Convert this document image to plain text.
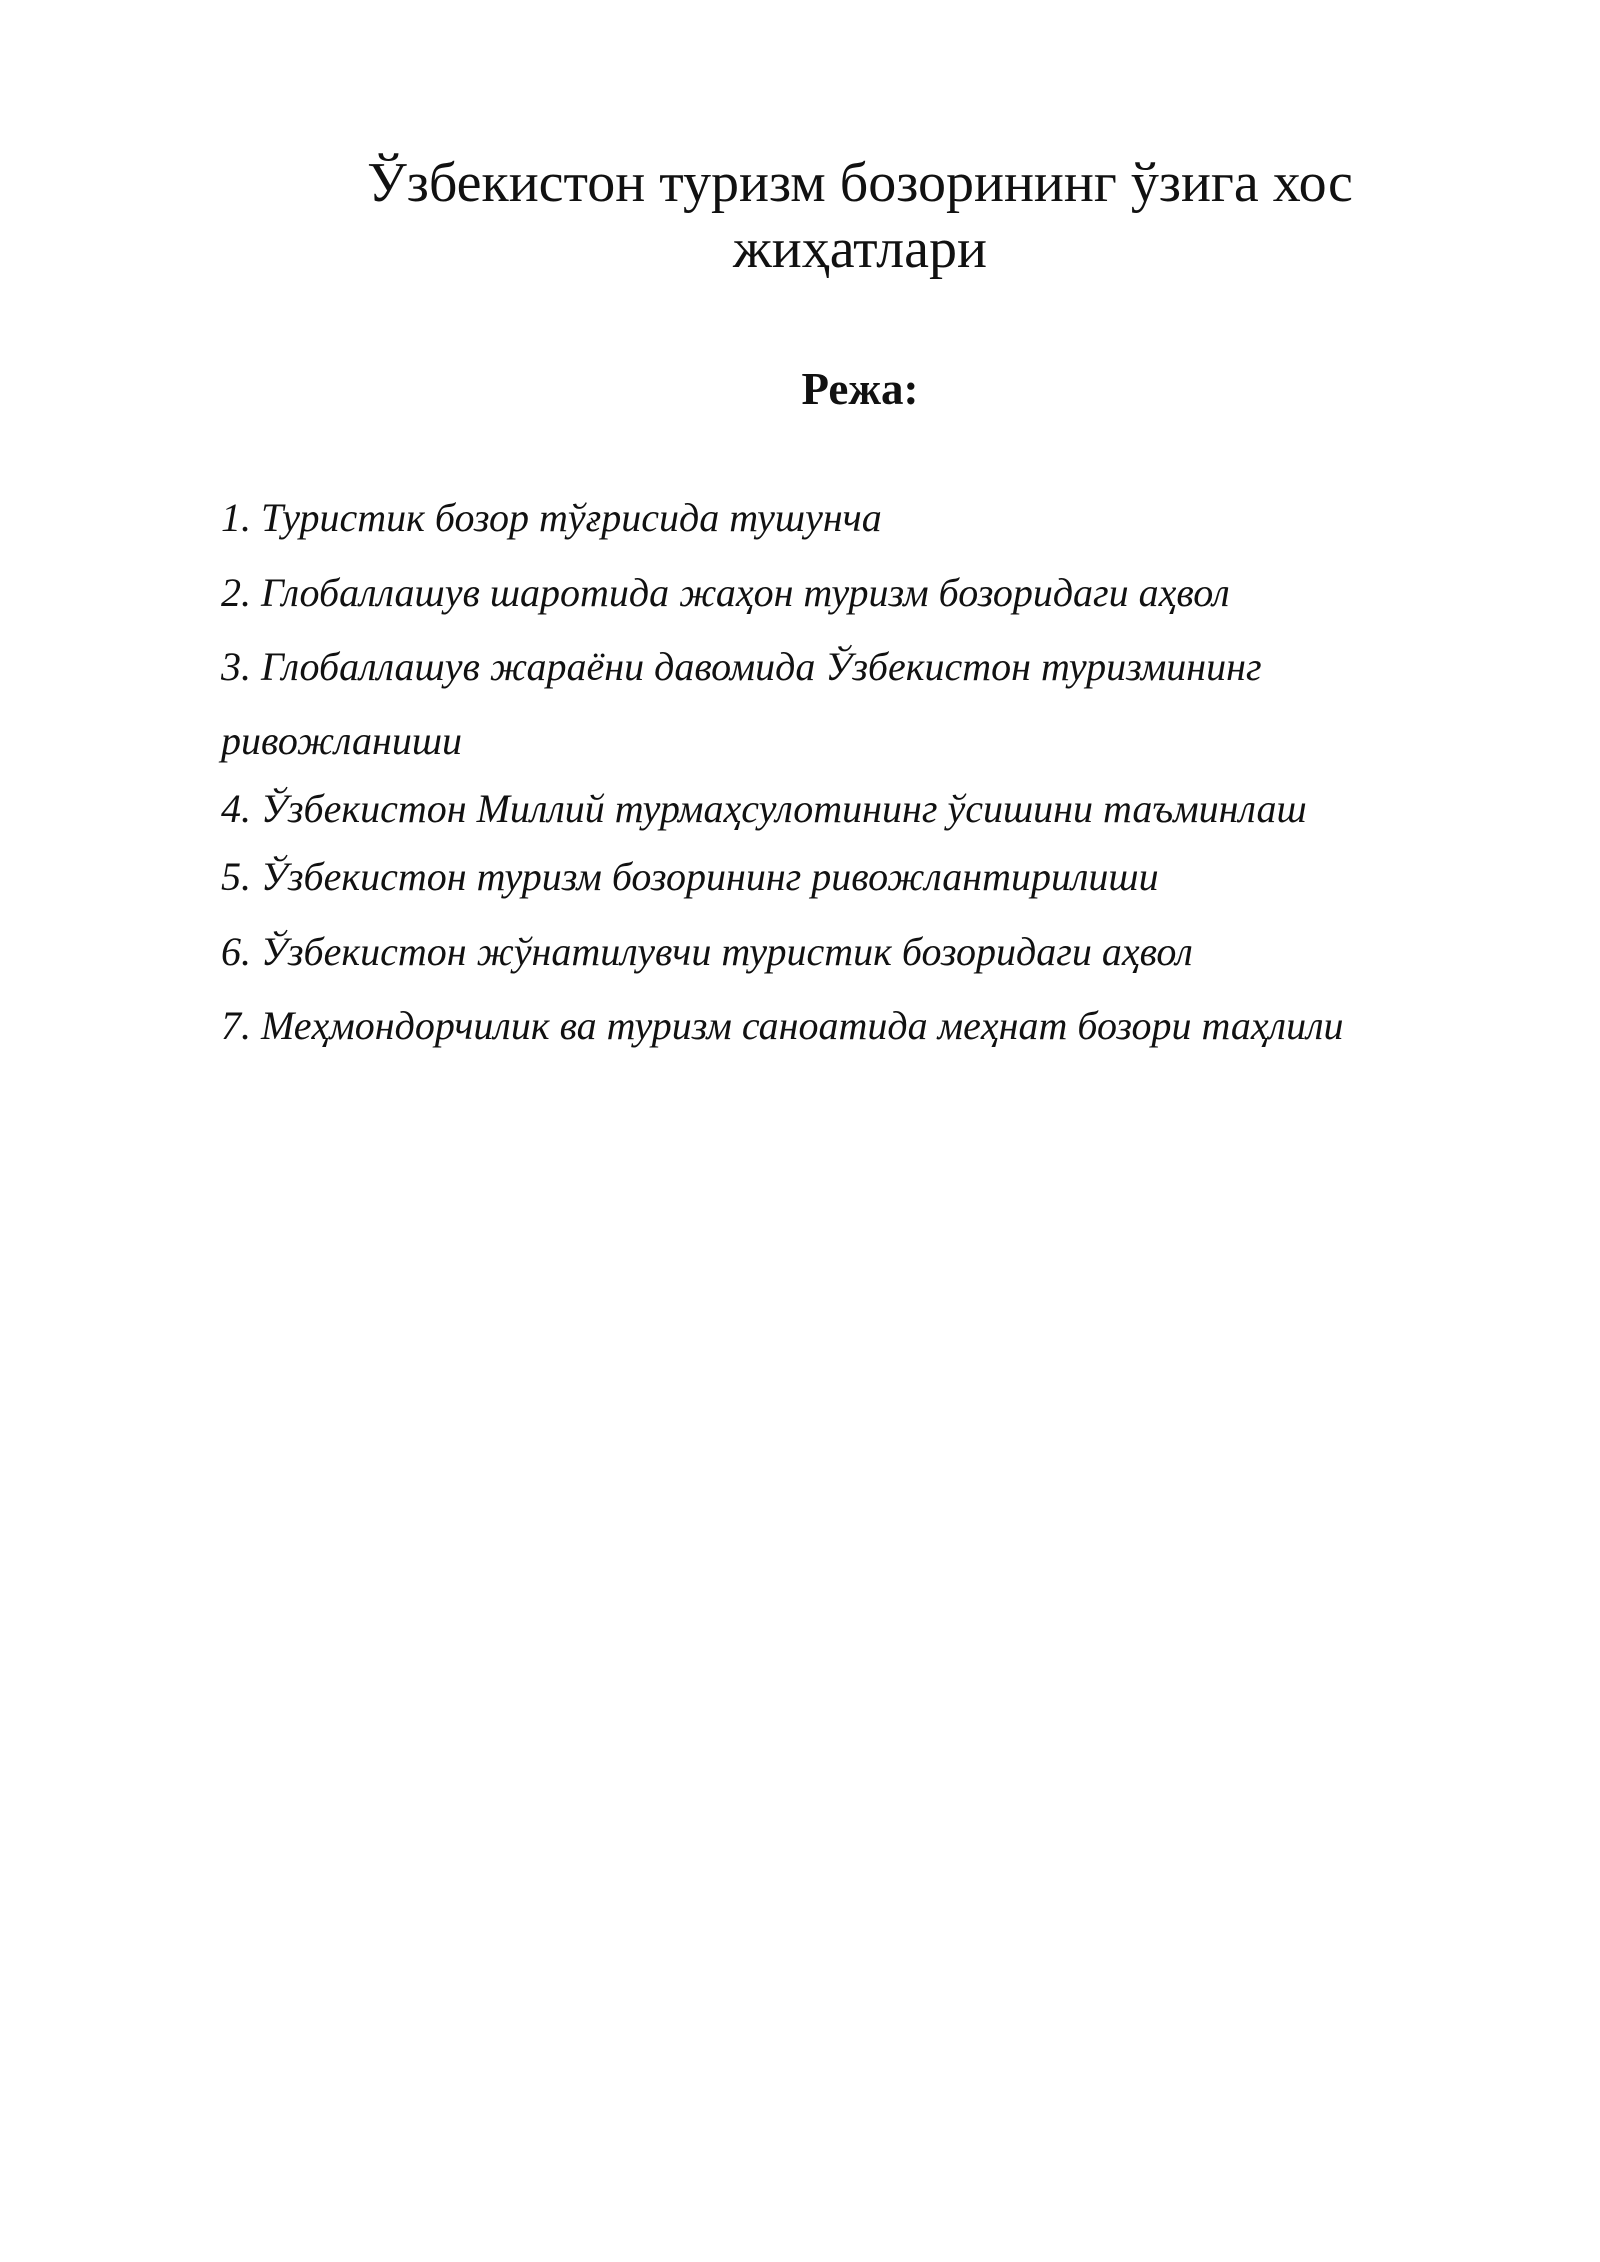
Ўзбекистон туризм бозорининг ўзига хос жиҳатлари
Режа:
1. Туристик бозор тўғрисида тушунча
2. Глобаллашув шаротида жаҳон туризм бозоридаги аҳвол
3. Глобаллашув жараёни давомида Ўзбекистон туризмининг
ривожланиши
4. Ўзбекистон Миллий турмаҳсулотининг ўсишини таъминлаш
5. Ўзбекистон туризм бозорининг ривожлантирилиши
6. Ўзбекистон жўнатилувчи туристик бозоридаги аҳвол
7. Меҳмондорчилик ва туризм саноатида меҳнат бозори таҳлили
